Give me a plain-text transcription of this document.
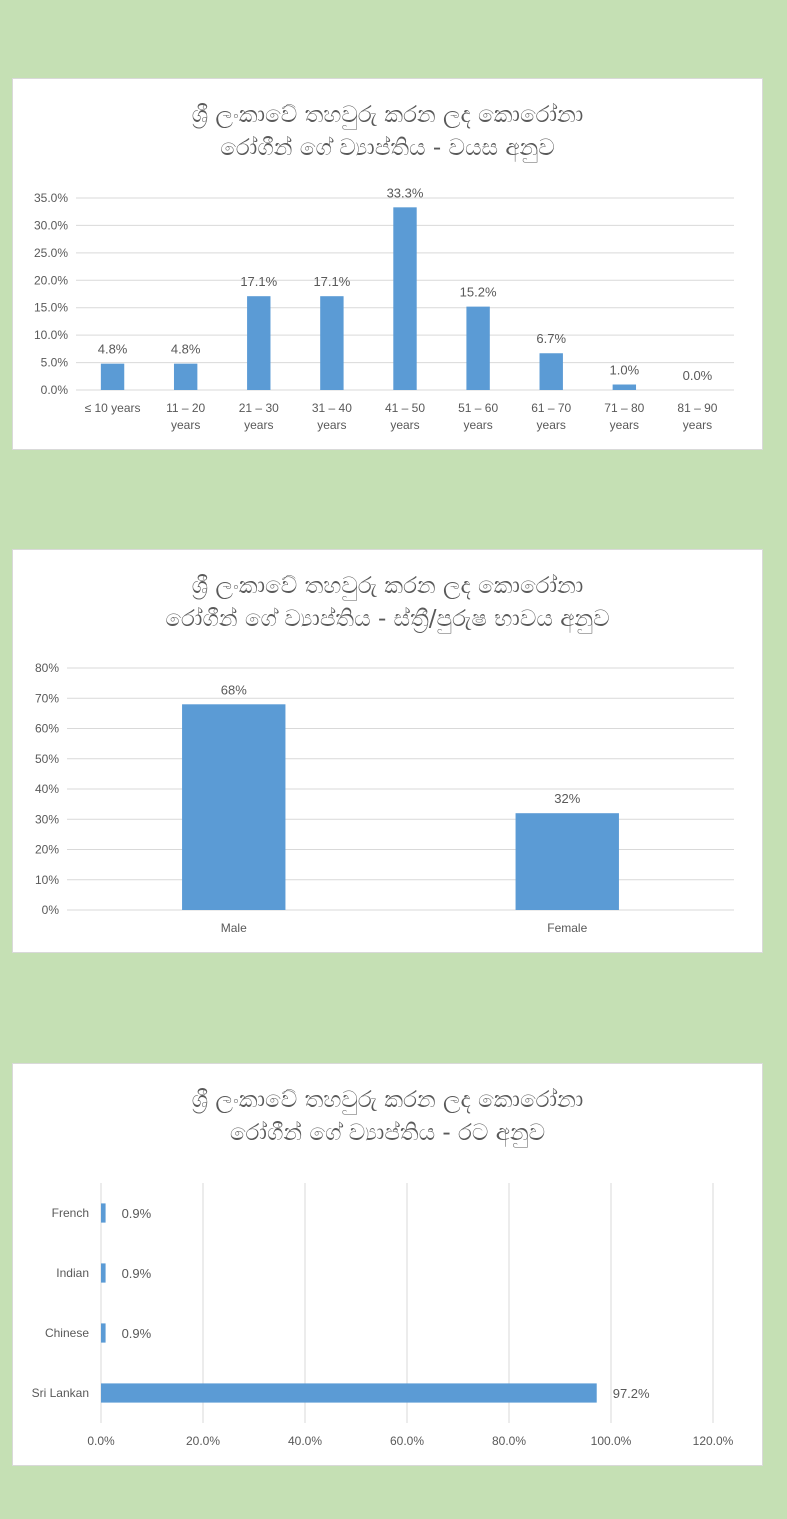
ශ්‍රී ලංකාවේ තහවුරු කරන ලද කොරෝනා
රෝගීන් ගේ ව්‍යාප්තිය - වයස අනුව
0.0%
5.0%
10.0%
15.0%
20.0%
25.0%
30.0%
35.0%
4.8%
≤ 10 years
4.8%
11 – 20
years
17.1%
21 – 30
years
17.1%
31 – 40
years
33.3%
41 – 50
years
15.2%
51 – 60
years
6.7%
61 – 70
years
1.0%
71 – 80
years
0.0%
81 – 90
years
ශ්‍රී ලංකාවේ තහවුරු කරන ලද කොරෝනා
රෝගීන් ගේ ව්‍යාප්තිය - ස්ත්‍රී/පුරුෂ භාවය අනුව
0%
10%
20%
30%
40%
50%
60%
70%
80%
68%
Male
32%
Female
ශ්‍රී ලංකාවේ තහවුරු කරන ලද කොරෝනා
රෝගීන් ගේ ව්‍යාප්තිය - රට අනුව
0.0%	20.0%	40.0%	60.0%	80.0%	100.0%	120.0%
0.9%
French
0.9%
Indian
0.9%
Chinese
97.2%
Sri Lankan
